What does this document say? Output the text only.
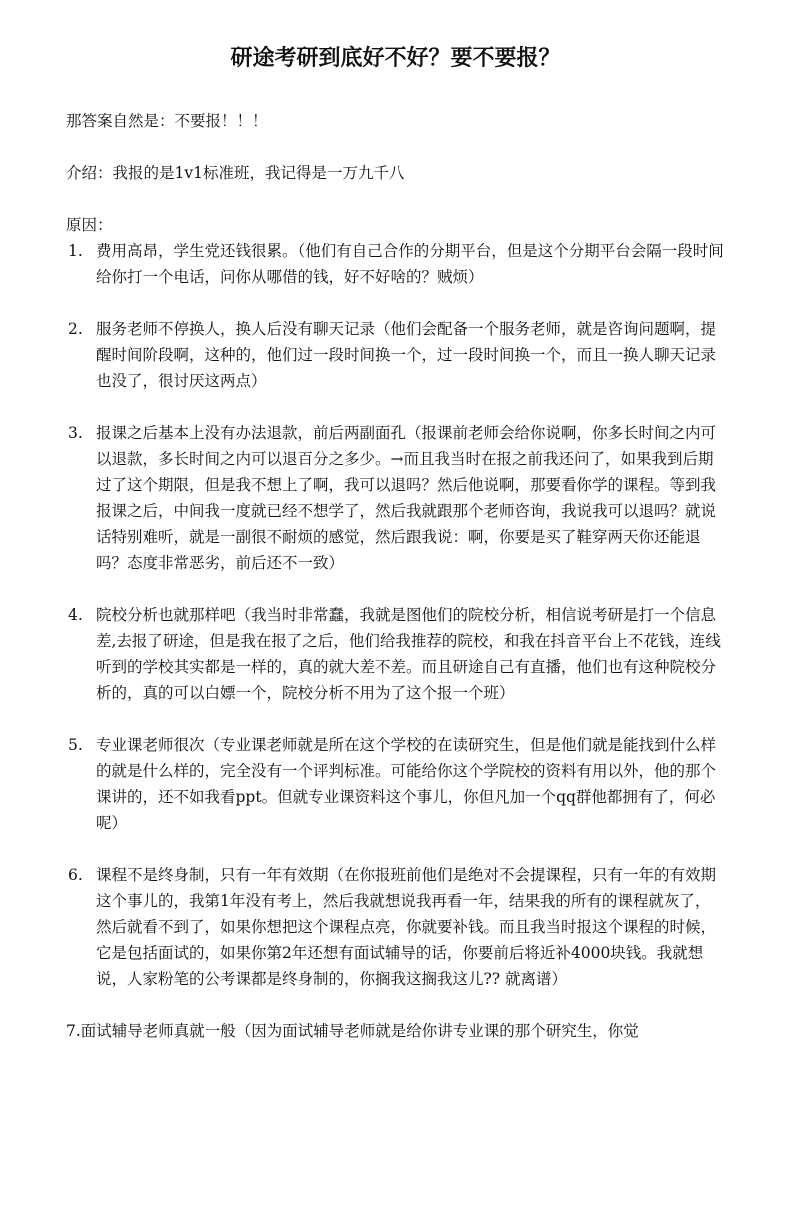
研途考研到底好不好？要不要报？

那答案自然是：不要报！！！

介绍：我报的是1v1标准班，我记得是一万九千八

原因：

1. 费用高昂，学生党还钱很累。（他们有自己合作的分期平台，但是这个分期平台会隔一段时间给你打一个电话，问你从哪借的钱，好不好啥的？贼烦）
2. 服务老师不停换人，换人后没有聊天记录（他们会配备一个服务老师，就是咨询问题啊，提醒时间阶段啊，这种的，他们过一段时间换一个，过一段时间换一个，而且一换人聊天记录也没了，很讨厌这两点）
3. 报课之后基本上没有办法退款，前后两副面孔（报课前老师会给你说啊，你多长时间之内可以退款，多长时间之内可以退百分之多少。→而且我当时在报之前我还问了，如果我到后期过了这个期限，但是我不想上了啊，我可以退吗？然后他说啊，那要看你学的课程。等到我报课之后，中间我一度就已经不想学了，然后我就跟那个老师咨询，我说我可以退吗？就说话特别难听，就是一副很不耐烦的感觉，然后跟我说：啊，你要是买了鞋穿两天你还能退吗？态度非常恶劣，前后还不一致）
4. 院校分析也就那样吧（我当时非常蠢，我就是图他们的院校分析，相信说考研是打一个信息差,去报了研途，但是我在报了之后，他们给我推荐的院校，和我在抖音平台上不花钱，连线听到的学校其实都是一样的，真的就大差不差。而且研途自己有直播，他们也有这种院校分析的，真的可以白嫖一个，院校分析不用为了这个报一个班）
5. 专业课老师很次（专业课老师就是所在这个学校的在读研究生，但是他们就是能找到什么样的就是什么样的，完全没有一个评判标准。可能给你这个学院校的资料有用以外，他的那个课讲的，还不如我看ppt。但就专业课资料这个事儿，你但凡加一个qq群他都拥有了，何必呢）
6. 课程不是终身制，只有一年有效期（在你报班前他们是绝对不会提课程，只有一年的有效期这个事儿的，我第1年没有考上，然后我就想说我再看一年，结果我的所有的课程就灰了，然后就看不到了，如果你想把这个课程点亮，你就要补钱。而且我当时报这个课程的时候，它是包括面试的，如果你第2年还想有面试辅导的话，你要前后将近补4000块钱。我就想说，人家粉笔的公考课都是终身制的，你搁我这搁我这儿?? 就离谱）

7.面试辅导老师真就一般（因为面试辅导老师就是给你讲专业课的那个研究生，你觉
